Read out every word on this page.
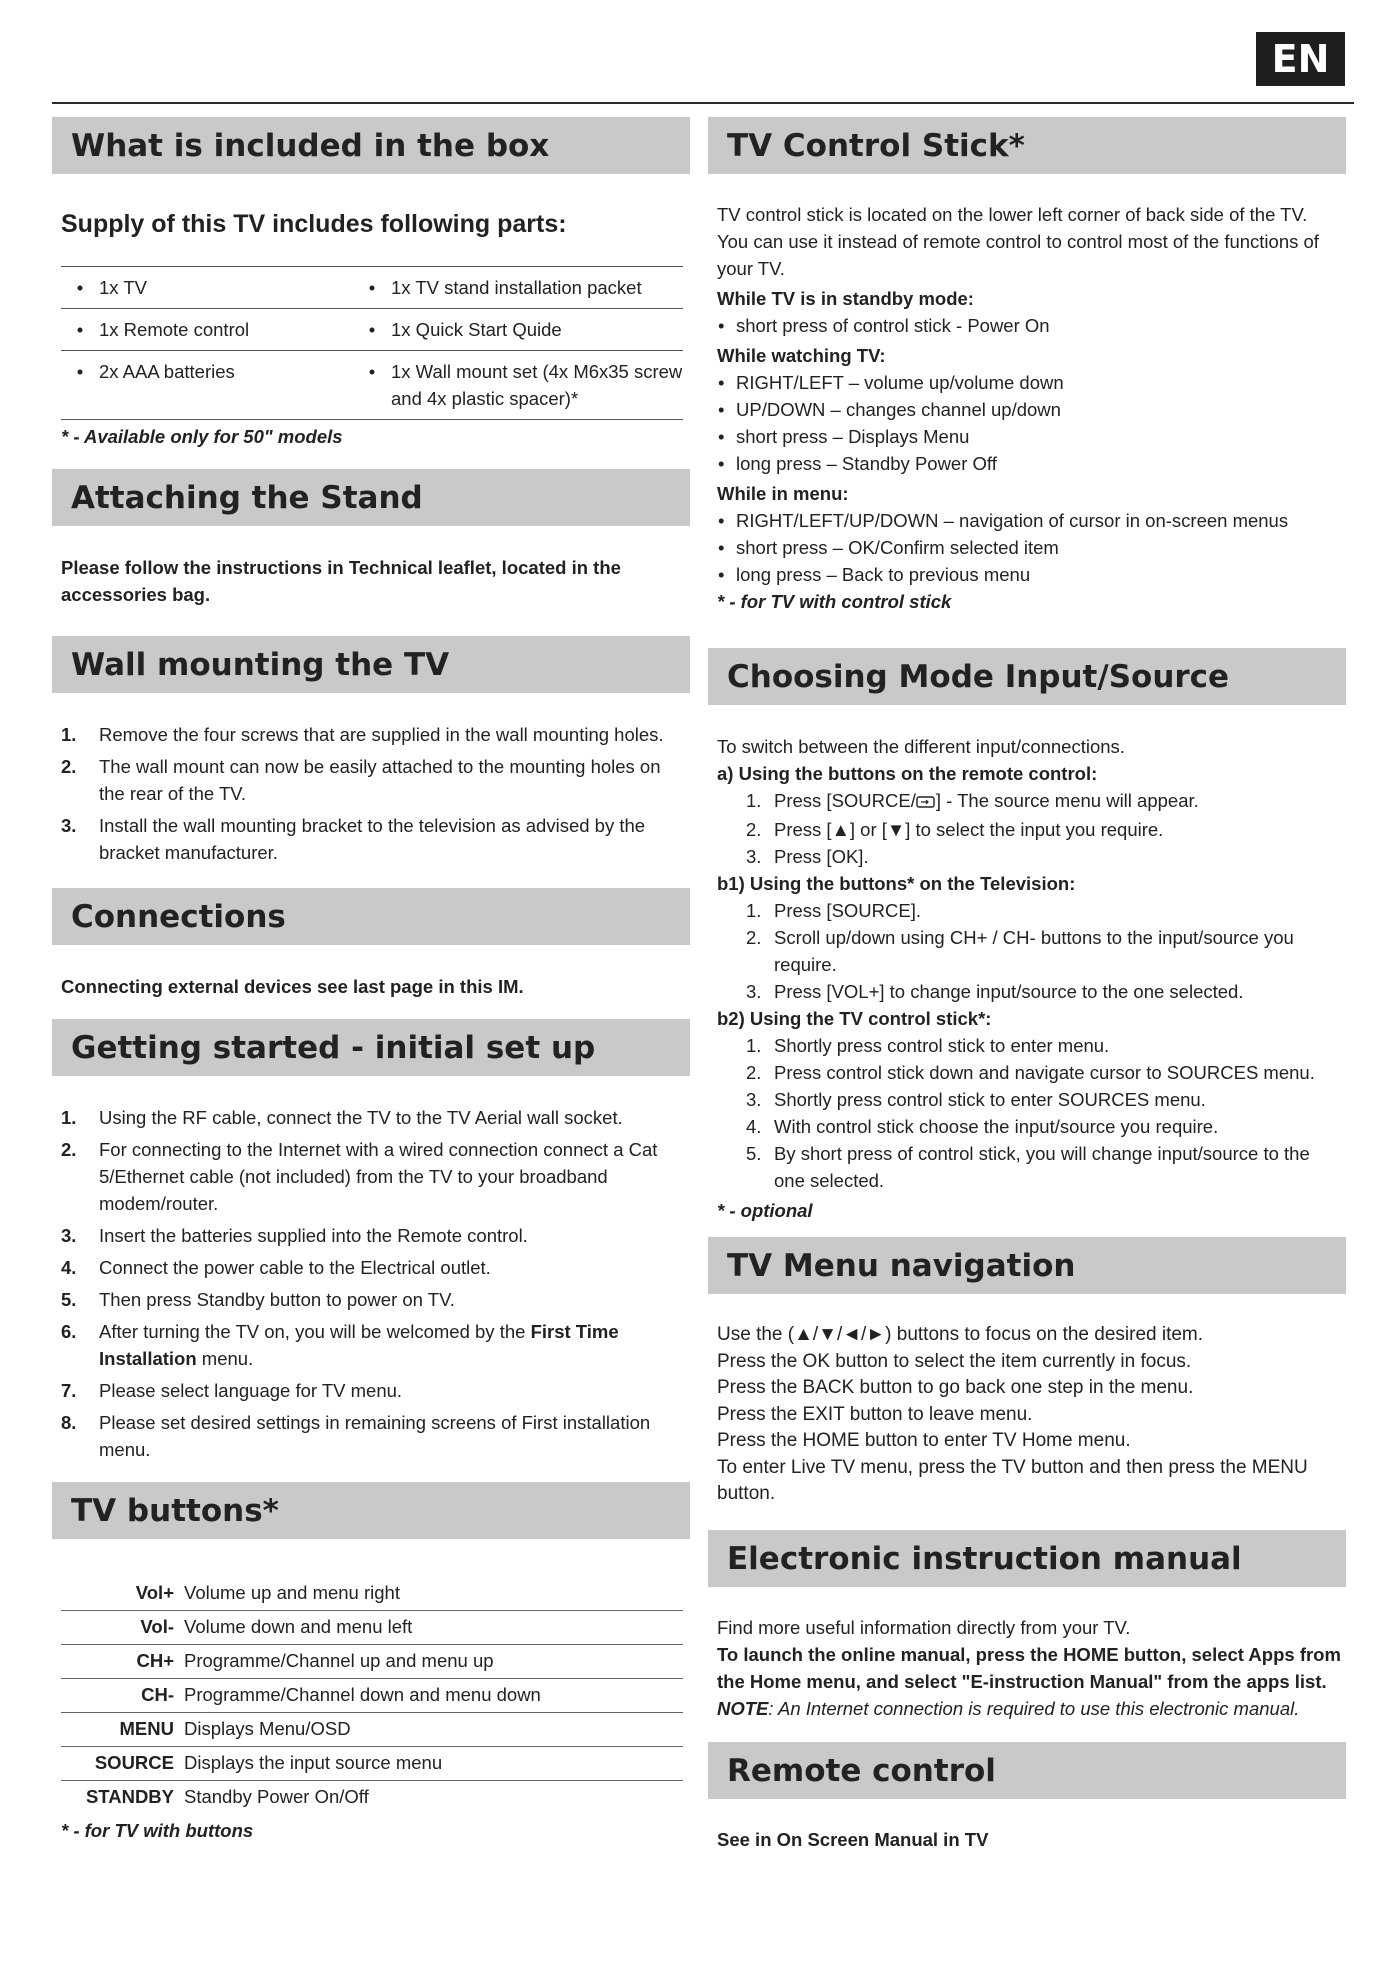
EN
What is included in the box
Supply of this TV includes following parts:
•	1x TV	•	1x TV stand installation packet
•	1x Remote control	•	1x Quick Start Quide
•	2x AAA batteries	•	1x Wall mount set (4x M6x35 screw and 4x plastic spacer)*
* - Available only for 50" models
Attaching the Stand
Please follow the instructions in Technical leaflet, located in the accessories bag.
Wall mounting the TV
1. Remove the four screws that are supplied in the wall mounting holes.
2. The wall mount can now be easily attached to the mounting holes on the rear of the TV.
3. Install the wall mounting bracket to the television as advised by the bracket manufacturer.
Connections
Connecting external devices see last page in this IM.
Getting started - initial set up
1. Using the RF cable, connect the TV to the TV Aerial wall socket.
2. For connecting to the Internet with a wired connection connect a Cat 5/Ethernet cable (not included) from the TV to your broadband modem/router.
3. Insert the batteries supplied into the Remote control.
4. Connect the power cable to the Electrical outlet.
5. Then press Standby button to power on TV.
6. After turning the TV on, you will be welcomed by the First Time Installation menu.
7. Please select language for TV menu.
8. Please set desired settings in remaining screens of First installation menu.
TV buttons*
Vol+	Volume up and menu right
Vol-	Volume down and menu left
CH+	Programme/Channel up and menu up
CH-	Programme/Channel down and menu down
MENU	Displays Menu/OSD
SOURCE	Displays the input source menu
STANDBY	Standby Power On/Off
* - for TV with buttons
TV Control Stick*
TV control stick is located on the lower left corner of back side of the TV. You can use it instead of remote control to control most of the functions of your TV.
While TV is in standby mode:
• short press of control stick - Power On
While watching TV:
• RIGHT/LEFT – volume up/volume down
• UP/DOWN – changes channel up/down
• short press – Displays Menu
• long press – Standby Power Off
While in menu:
• RIGHT/LEFT/UP/DOWN – navigation of cursor in on-screen menus
• short press – OK/Confirm selected item
• long press – Back to previous menu
* - for TV with control stick
Choosing Mode Input/Source
To switch between the different input/connections.
a) Using the buttons on the remote control:
1. Press [SOURCE/ ] - The source menu will appear.
2. Press [▲] or [▼] to select the input you require.
3. Press [OK].
b1) Using the buttons* on the Television:
1. Press [SOURCE].
2. Scroll up/down using CH+ / CH- buttons to the input/source you require.
3. Press [VOL+] to change input/source to the one selected.
b2) Using the TV control stick*:
1. Shortly press control stick to enter menu.
2. Press control stick down and navigate cursor to SOURCES menu.
3. Shortly press control stick to enter SOURCES menu.
4. With control stick choose the input/source you require.
5. By short press of control stick, you will change input/source to the one selected.
* - optional
TV Menu navigation
Use the (▲/▼/◄/►) buttons to focus on the desired item.
Press the OK button to select the item currently in focus.
Press the BACK button to go back one step in the menu.
Press the EXIT button to leave menu.
Press the HOME button to enter TV Home menu.
To enter Live TV menu, press the TV button and then press the MENU button.
Electronic instruction manual
Find more useful information directly from your TV.
To launch the online manual, press the HOME button, select Apps from the Home menu, and select "E-instruction Manual" from the apps list.
NOTE: An Internet connection is required to use this electronic manual.
Remote control
See in On Screen Manual in TV
